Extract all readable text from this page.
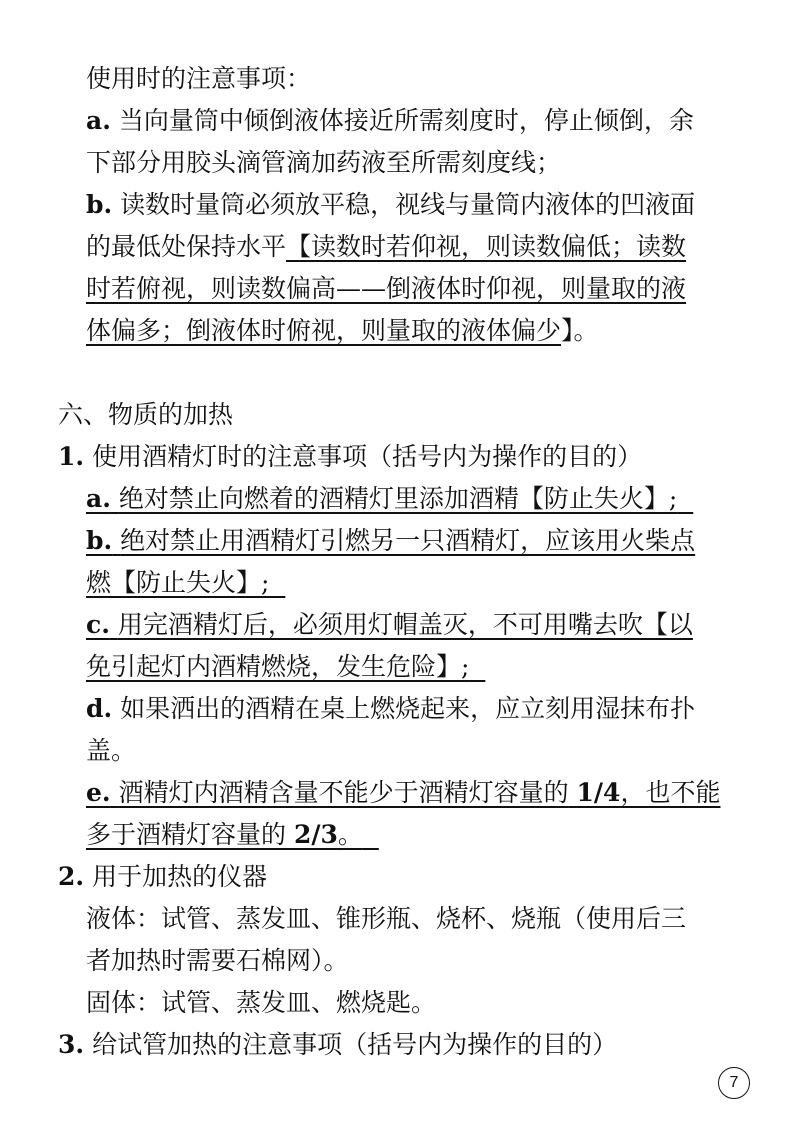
使用时的注意事项：
a. 当向量筒中倾倒液体接近所需刻度时，停止倾倒，余
下部分用胶头滴管滴加药液至所需刻度线；
b. 读数时量筒必须放平稳，视线与量筒内液体的凹液面
的最低处保持水平【读数时若仰视，则读数偏低；读数
时若俯视，则读数偏高——倒液体时仰视，则量取的液
体偏多；倒液体时俯视，则量取的液体偏少】。
六、物质的加热
1. 使用酒精灯时的注意事项（括号内为操作的目的）
a. 绝对禁止向燃着的酒精灯里添加酒精【防止失火】;
b. 绝对禁止用酒精灯引燃另一只酒精灯，应该用火柴点
燃【防止失火】;
c. 用完酒精灯后，必须用灯帽盖灭，不可用嘴去吹【以
免引起灯内酒精燃烧，发生危险】;
d. 如果洒出的酒精在桌上燃烧起来，应立刻用湿抹布扑
盖。
e. 酒精灯内酒精含量不能少于酒精灯容量的 1/4，也不能
多于酒精灯容量的 2/3。
2. 用于加热的仪器
液体：试管、蒸发皿、锥形瓶、烧杯、烧瓶（使用后三
者加热时需要石棉网）。
固体：试管、蒸发皿、燃烧匙。
3. 给试管加热的注意事项（括号内为操作的目的）
7
